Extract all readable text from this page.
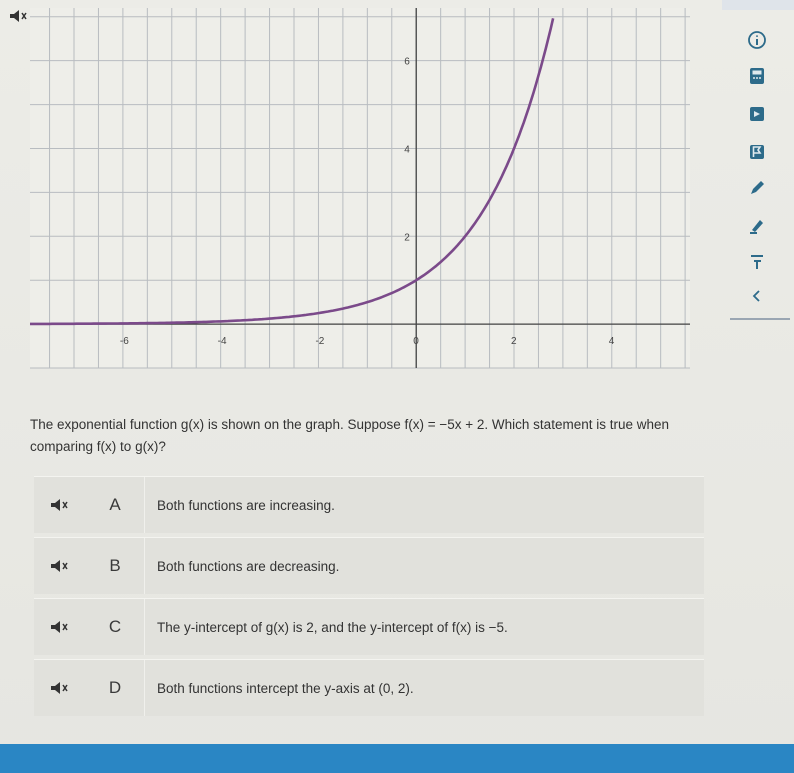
-6	-4	-2	0	2	4
2
4
6
The exponential function g(x) is shown on the graph. Suppose f(x) = −5x + 2. Which statement is true when comparing f(x) to g(x)?
A	Both functions are increasing.
B	Both functions are decreasing.
C	The y-intercept of g(x) is 2, and the y-intercept of f(x) is −5.
D	Both functions intercept the y-axis at (0, 2).
